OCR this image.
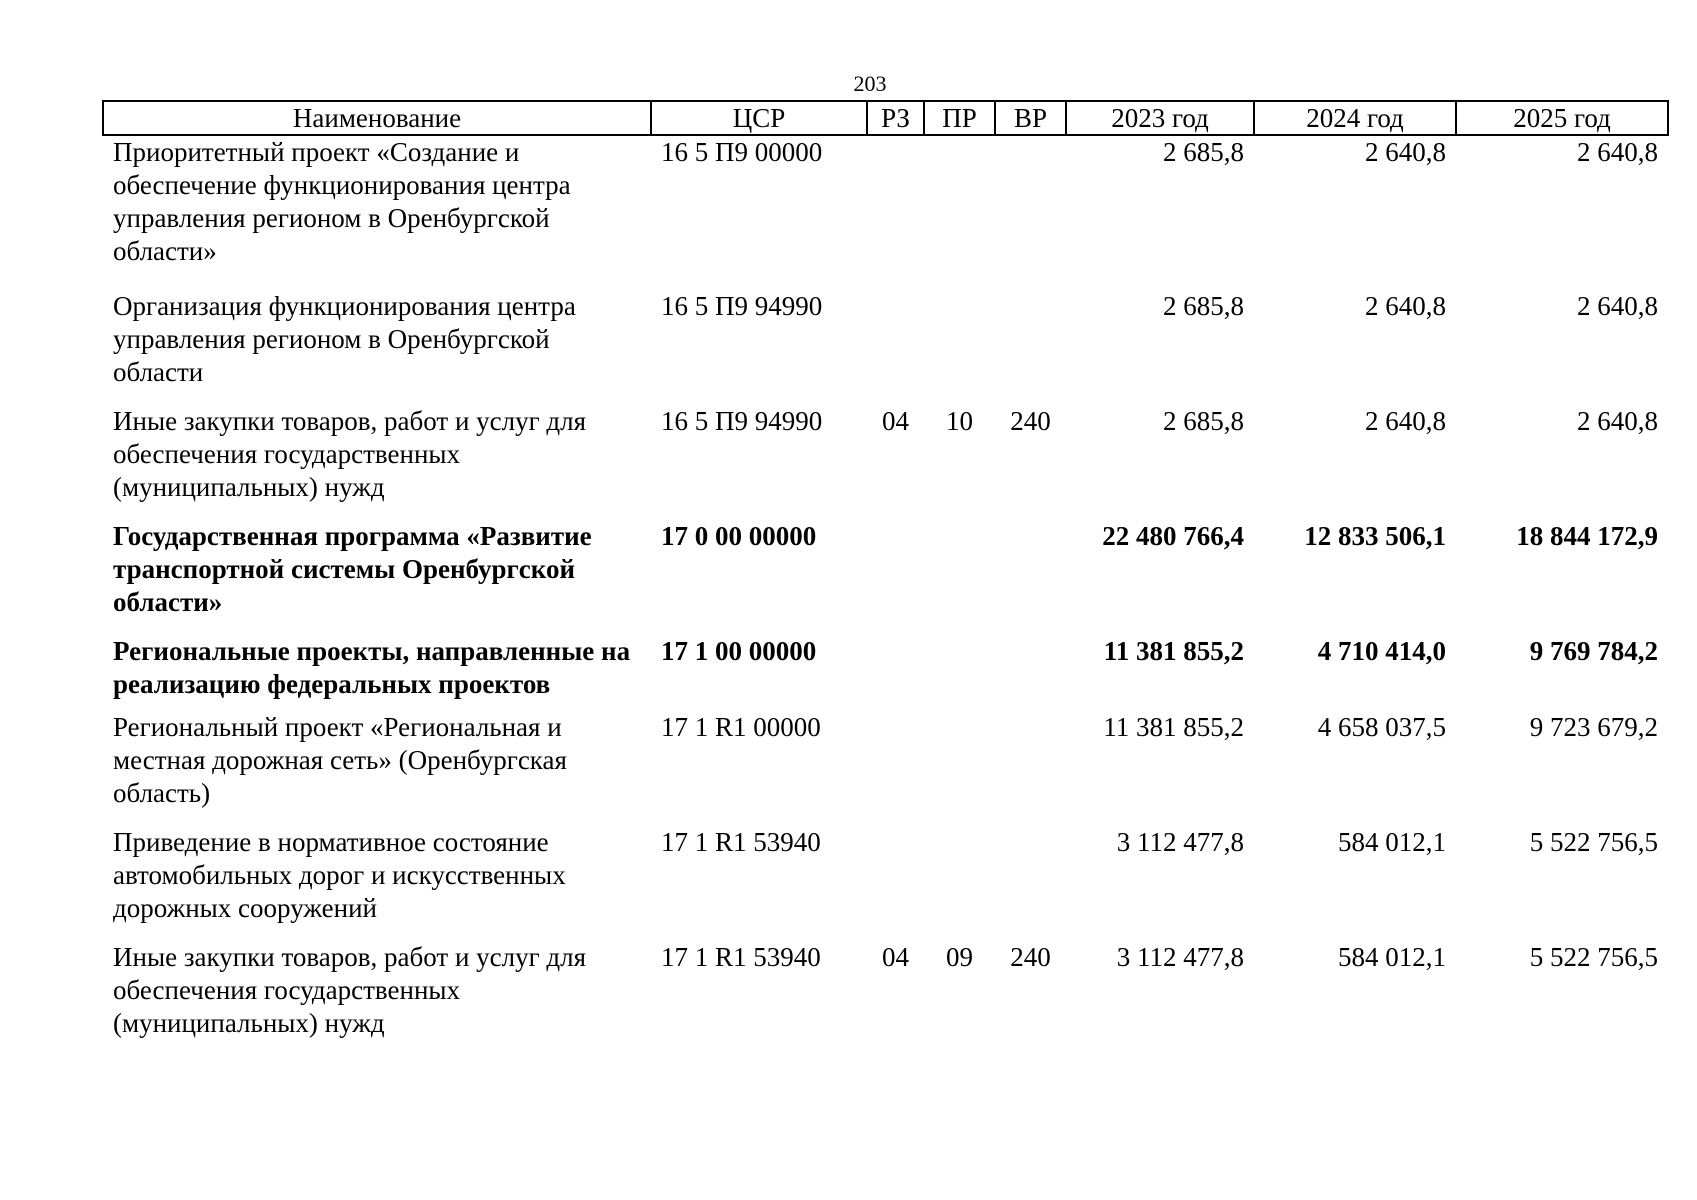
203
Наименование	ЦСР	РЗ	ПР	ВР	2023 год	2024 год	2025 год
Приоритетный проект «Создание и обеспечение функционирования центра управления регионом в Оренбургской области»	16 5 П9 00000				2 685,8	2 640,8	2 640,8
Организация функционирования центра управления регионом в Оренбургской области	16 5 П9 94990				2 685,8	2 640,8	2 640,8
Иные закупки товаров, работ и услуг для обеспечения государственных (муниципальных) нужд	16 5 П9 94990	04	10	240	2 685,8	2 640,8	2 640,8
Государственная программа «Развитие транспортной системы Оренбургской области»	17 0 00 00000				22 480 766,4	12 833 506,1	18 844 172,9
Региональные проекты, направленные на реализацию федеральных проектов	17 1 00 00000				11 381 855,2	4 710 414,0	9 769 784,2
Региональный проект «Региональная и местная дорожная сеть» (Оренбургская область)	17 1 R1 00000				11 381 855,2	4 658 037,5	9 723 679,2
Приведение в нормативное состояние автомобильных дорог и искусственных дорожных сооружений	17 1 R1 53940				3 112 477,8	584 012,1	5 522 756,5
Иные закупки товаров, работ и услуг для обеспечения государственных (муниципальных) нужд	17 1 R1 53940	04	09	240	3 112 477,8	584 012,1	5 522 756,5
